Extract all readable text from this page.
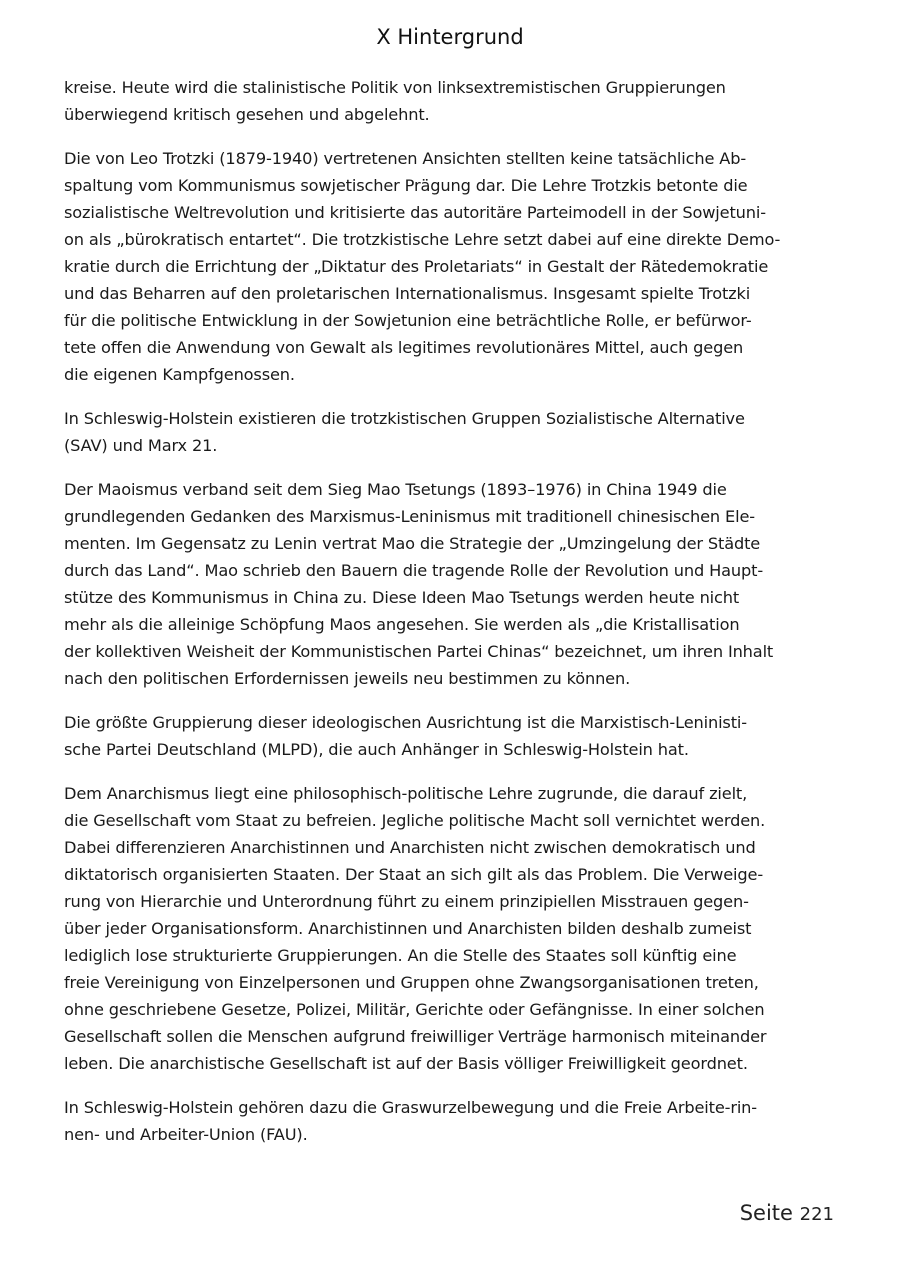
X Hintergrund

kreise. Heute wird die stalinistische Politik von linksextremistischen Gruppierungen
überwiegend kritisch gesehen und abgelehnt.

Die von Leo Trotzki (1879-1940) vertretenen Ansichten stellten keine tatsächliche Ab-
spaltung vom Kommunismus sowjetischer Prägung dar. Die Lehre Trotzkis betonte die
sozialistische Weltrevolution und kritisierte das autoritäre Parteimodell in der Sowjetuni-
on als „bürokratisch entartet“. Die trotzkistische Lehre setzt dabei auf eine direkte Demo-
kratie durch die Errichtung der „Diktatur des Proletariats“ in Gestalt der Rätedemokratie
und das Beharren auf den proletarischen Internationalismus. Insgesamt spielte Trotzki
für die politische Entwicklung in der Sowjetunion eine beträchtliche Rolle, er befürwor-
tete offen die Anwendung von Gewalt als legitimes revolutionäres Mittel, auch gegen
die eigenen Kampfgenossen.

In Schleswig-Holstein existieren die trotzkistischen Gruppen Sozialistische Alternative
(SAV) und Marx 21.

Der Maoismus verband seit dem Sieg Mao Tsetungs (1893–1976) in China 1949 die
grundlegenden Gedanken des Marxismus-Leninismus mit traditionell chinesischen Ele-
menten. Im Gegensatz zu Lenin vertrat Mao die Strategie der „Umzingelung der Städte
durch das Land“. Mao schrieb den Bauern die tragende Rolle der Revolution und Haupt-
stütze des Kommunismus in China zu. Diese Ideen Mao Tsetungs werden heute nicht
mehr als die alleinige Schöpfung Maos angesehen. Sie werden als „die Kristallisation
der kollektiven Weisheit der Kommunistischen Partei Chinas“ bezeichnet, um ihren Inhalt
nach den politischen Erfordernissen jeweils neu bestimmen zu können.

Die größte Gruppierung dieser ideologischen Ausrichtung ist die Marxistisch-Leninisti-
sche Partei Deutschland (MLPD), die auch Anhänger in Schleswig-Holstein hat.

Dem Anarchismus liegt eine philosophisch-politische Lehre zugrunde, die darauf zielt,
die Gesellschaft vom Staat zu befreien. Jegliche politische Macht soll vernichtet werden.
Dabei differenzieren Anarchistinnen und Anarchisten nicht zwischen demokratisch und
diktatorisch organisierten Staaten. Der Staat an sich gilt als das Problem. Die Verweige-
rung von Hierarchie und Unterordnung führt zu einem prinzipiellen Misstrauen gegen-
über jeder Organisationsform. Anarchistinnen und Anarchisten bilden deshalb zumeist
lediglich lose strukturierte Gruppierungen. An die Stelle des Staates soll künftig eine
freie Vereinigung von Einzelpersonen und Gruppen ohne Zwangsorganisationen treten,
ohne geschriebene Gesetze, Polizei, Militär, Gerichte oder Gefängnisse. In einer solchen
Gesellschaft sollen die Menschen aufgrund freiwilliger Verträge harmonisch miteinander
leben. Die anarchistische Gesellschaft ist auf der Basis völliger Freiwilligkeit geordnet.

In Schleswig-Holstein gehören dazu die Graswurzelbewegung und die Freie Arbeite-rin-
nen- und Arbeiter-Union (FAU).

Seite 221
